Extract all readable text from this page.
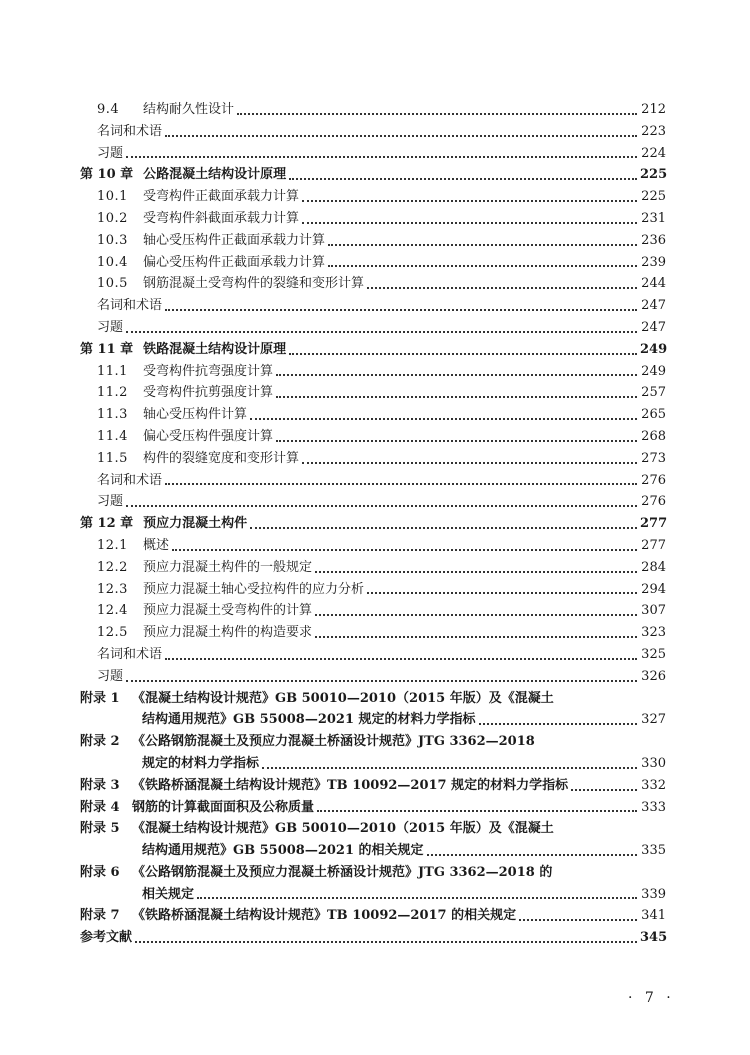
9.4 结构耐久性设计	212
名词和术语	223
习题	224
第 10 章 公路混凝土结构设计原理	225
10.1 受弯构件正截面承载力计算	225
10.2 受弯构件斜截面承载力计算	231
10.3 轴心受压构件正截面承载力计算	236
10.4 偏心受压构件正截面承载力计算	239
10.5 钢筋混凝土受弯构件的裂缝和变形计算	244
名词和术语	247
习题	247
第 11 章 铁路混凝土结构设计原理	249
11.1 受弯构件抗弯强度计算	249
11.2 受弯构件抗剪强度计算	257
11.3 轴心受压构件计算	265
11.4 偏心受压构件强度计算	268
11.5 构件的裂缝宽度和变形计算	273
名词和术语	276
习题	276
第 12 章 预应力混凝土构件	277
12.1 概述	277
12.2 预应力混凝土构件的一般规定	284
12.3 预应力混凝土轴心受拉构件的应力分析	294
12.4 预应力混凝土受弯构件的计算	307
12.5 预应力混凝土构件的构造要求	323
名词和术语	325
习题	326
附录 1 《混凝土结构设计规范》GB 50010—2010（2015 年版）及《混凝土
结构通用规范》GB 55008—2021 规定的材料力学指标	327
附录 2 《公路钢筋混凝土及预应力混凝土桥涵设计规范》JTG 3362—2018
规定的材料力学指标	330
附录 3 《铁路桥涵混凝土结构设计规范》TB 10092—2017 规定的材料力学指标	332
附录 4 钢筋的计算截面面积及公称质量	333
附录 5 《混凝土结构设计规范》GB 50010—2010（2015 年版）及《混凝土
结构通用规范》GB 55008—2021 的相关规定	335
附录 6 《公路钢筋混凝土及预应力混凝土桥涵设计规范》JTG 3362—2018 的
相关规定	339
附录 7 《铁路桥涵混凝土结构设计规范》TB 10092—2017 的相关规定	341
参考文献	345
· 7 ·
